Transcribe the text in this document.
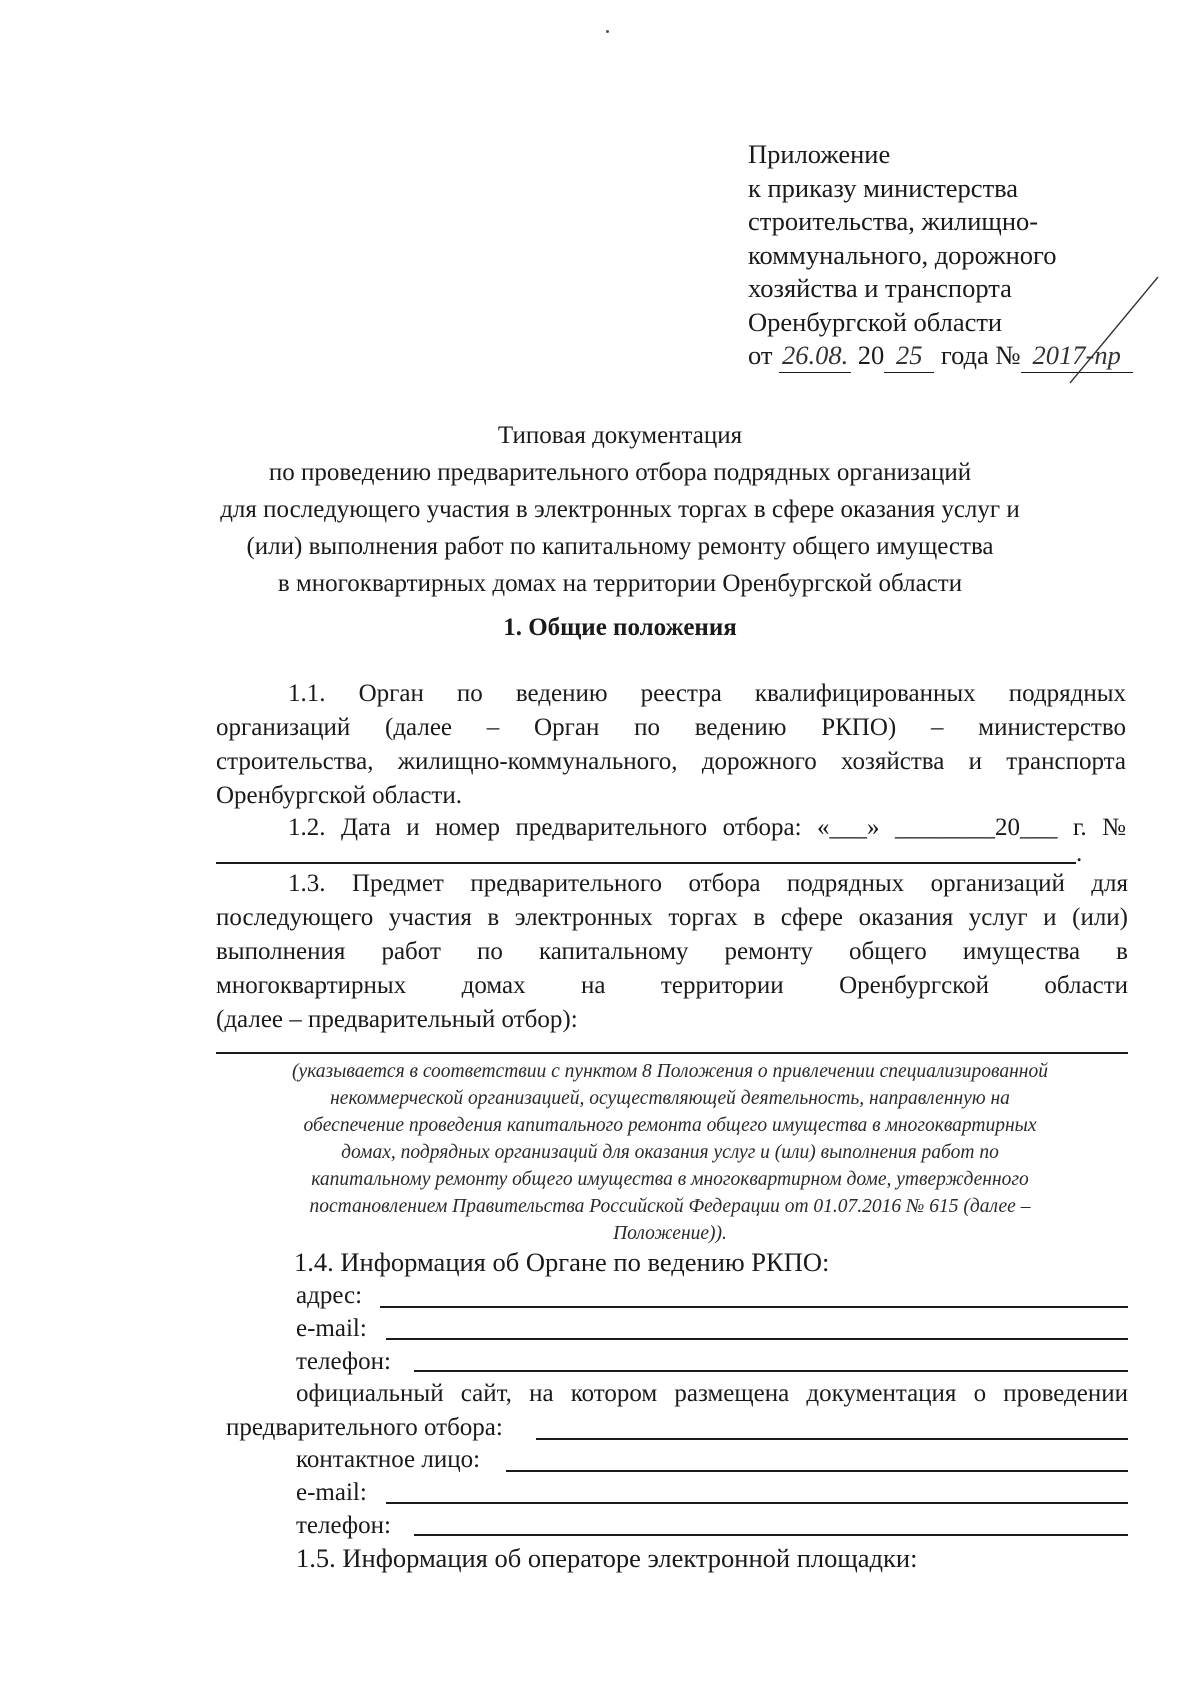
Приложение
к приказу министерства
строительства, жилищно-
коммунального, дорожного
хозяйства и транспорта
Оренбургской области
от 26.08. 20 25 года № 2017-пр
Типовая документация
по проведению предварительного отбора подрядных организаций
для последующего участия в электронных торгах в сфере оказания услуг и
(или) выполнения работ по капитальному ремонту общего имущества
в многоквартирных домах на территории Оренбургской области
1. Общие положения
1.1. Орган по ведению реестра квалифицированных подрядных
организаций (далее – Орган по ведению РКПО) – министерство
строительства, жилищно-коммунального, дорожного хозяйства и транспорта
Оренбургской области.
1.2. Дата и номер предварительного отбора: «___» ________20___ г. №
.
1.3. Предмет предварительного отбора подрядных организаций для
последующего участия в электронных торгах в сфере оказания услуг и (или)
выполнения работ по капитальному ремонту общего имущества в
многоквартирных домах на территории Оренбургской области
(далее – предварительный отбор):
(указывается в соответствии с пунктом 8 Положения о привлечении специализированной
некоммерческой организацией, осуществляющей деятельность, направленную на
обеспечение проведения капитального ремонта общего имущества в многоквартирных
домах, подрядных организаций для оказания услуг и (или) выполнения работ по
капитальному ремонту общего имущества в многоквартирном доме, утвержденного
постановлением Правительства Российской Федерации от 01.07.2016 № 615 (далее –
Положение)).
1.4. Информация об Органе по ведению РКПО:
адрес:
e-mail:
телефон:
официальный сайт, на котором размещена документация о проведении
предварительного отбора:
контактное лицо:
e-mail:
телефон:
1.5. Информация об операторе электронной площадки:
